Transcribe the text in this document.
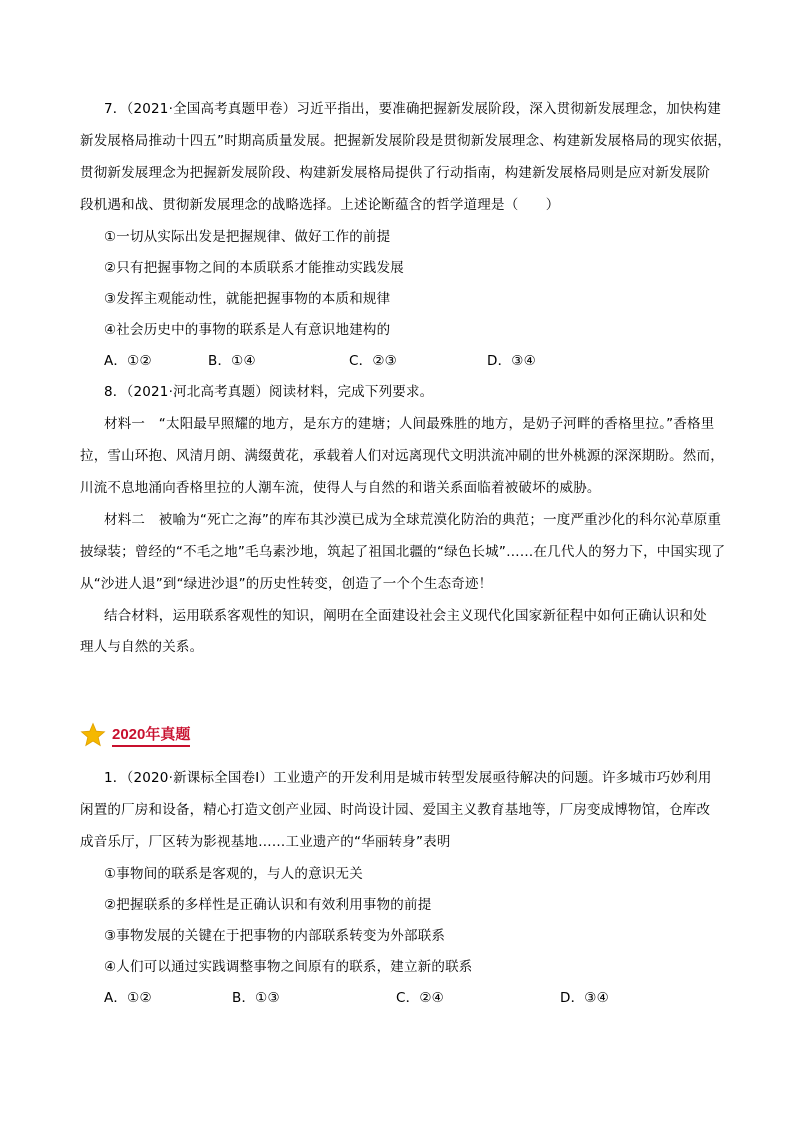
7．（2021·全国高考真题甲卷）习近平指出，要准确把握新发展阶段，深入贯彻新发展理念，加快构建
新发展格局推动十四五”时期高质量发展。把握新发展阶段是贯彻新发展理念、构建新发展格局的现实依据，
贯彻新发展理念为把握新发展阶段、构建新发展格局提供了行动指南，构建新发展格局则是应对新发展阶
段机遇和战、贯彻新发展理念的战略选择。上述论断蕴含的哲学道理是（　　）
①一切从实际出发是把握规律、做好工作的前提
②只有把握事物之间的本质联系才能推动实践发展
③发挥主观能动性，就能把握事物的本质和规律
④社会历史中的事物的联系是人有意识地建构的
A．①②	B．①④	C．②③	D．③④
8．（2021·河北高考真题）阅读材料，完成下列要求。
材料一　“太阳最早照耀的地方，是东方的建塘；人间最殊胜的地方，是奶子河畔的香格里拉。”香格里
拉，雪山环抱、风清月朗、满缀黄花，承载着人们对远离现代文明洪流冲刷的世外桃源的深深期盼。然而，
川流不息地涌向香格里拉的人潮车流，使得人与自然的和谐关系面临着被破坏的威胁。
材料二　被喻为“死亡之海”的库布其沙漠已成为全球荒漠化防治的典范；一度严重沙化的科尔沁草原重
披绿装；曾经的“不毛之地”毛乌素沙地，筑起了祖国北疆的“绿色长城”……在几代人的努力下，中国实现了
从“沙进人退”到“绿进沙退”的历史性转变，创造了一个个生态奇迹！
结合材料，运用联系客观性的知识，阐明在全面建设社会主义现代化国家新征程中如何正确认识和处
理人与自然的关系。
2020年真题
1．（2020·新课标全国卷Ⅰ）工业遗产的开发利用是城市转型发展亟待解决的问题。许多城市巧妙利用
闲置的厂房和设备，精心打造文创产业园、时尚设计园、爱国主义教育基地等，厂房变成博物馆，仓库改
成音乐厅，厂区转为影视基地……工业遗产的“华丽转身”表明
①事物间的联系是客观的，与人的意识无关
②把握联系的多样性是正确认识和有效利用事物的前提
③事物发展的关键在于把事物的内部联系转变为外部联系
④人们可以通过实践调整事物之间原有的联系，建立新的联系
A．①②	B．①③	C．②④	D．③④
